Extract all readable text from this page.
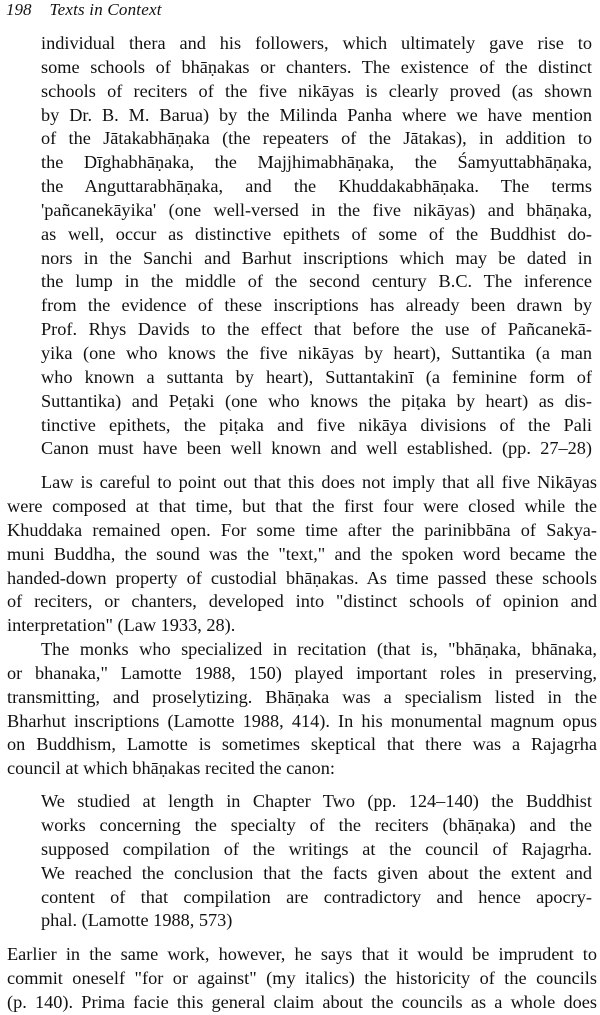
198 Texts in Context
individual thera and his followers, which ultimately gave rise to
some schools of bhāṇakas or chanters. The existence of the distinct
schools of reciters of the five nikāyas is clearly proved (as shown
by Dr. B. M. Barua) by the Milinda Panha where we have mention
of the Jātakabhāṇaka (the repeaters of the Jātakas), in addition to
the Dīghabhāṇaka, the Majjhimabhāṇaka, the Śamyuttabhāṇaka,
the Anguttarabhāṇaka, and the Khuddakabhāṇaka. The terms
'pañcanekāyika' (one well-versed in the five nikāyas) and bhāṇaka,
as well, occur as distinctive epithets of some of the Buddhist do-
nors in the Sanchi and Barhut inscriptions which may be dated in
the lump in the middle of the second century B.C. The inference
from the evidence of these inscriptions has already been drawn by
Prof. Rhys Davids to the effect that before the use of Pañcanekā-
yika (one who knows the five nikāyas by heart), Suttantika (a man
who known a suttanta by heart), Suttantakinī (a feminine form of
Suttantika) and Peṭaki (one who knows the piṭaka by heart) as dis-
tinctive epithets, the piṭaka and five nikāya divisions of the Pali
Canon must have been well known and well established. (pp. 27–28)
Law is careful to point out that this does not imply that all five Nikāyas
were composed at that time, but that the first four were closed while the
Khuddaka remained open. For some time after the parinibbāna of Sakya-
muni Buddha, the sound was the "text," and the spoken word became the
handed-down property of custodial bhāṇakas. As time passed these schools
of reciters, or chanters, developed into "distinct schools of opinion and
interpretation" (Law 1933, 28).
The monks who specialized in recitation (that is, "bhāṇaka, bhānaka,
or bhanaka," Lamotte 1988, 150) played important roles in preserving,
transmitting, and proselytizing. Bhāṇaka was a specialism listed in the
Bharhut inscriptions (Lamotte 1988, 414). In his monumental magnum opus
on Buddhism, Lamotte is sometimes skeptical that there was a Rajagrha
council at which bhāṇakas recited the canon:
We studied at length in Chapter Two (pp. 124–140) the Buddhist
works concerning the specialty of the reciters (bhāṇaka) and the
supposed compilation of the writings at the council of Rajagrha.
We reached the conclusion that the facts given about the extent and
content of that compilation are contradictory and hence apocry-
phal. (Lamotte 1988, 573)
Earlier in the same work, however, he says that it would be imprudent to
commit oneself "for or against" (my italics) the historicity of the councils
(p. 140). Prima facie this general claim about the councils as a whole does
